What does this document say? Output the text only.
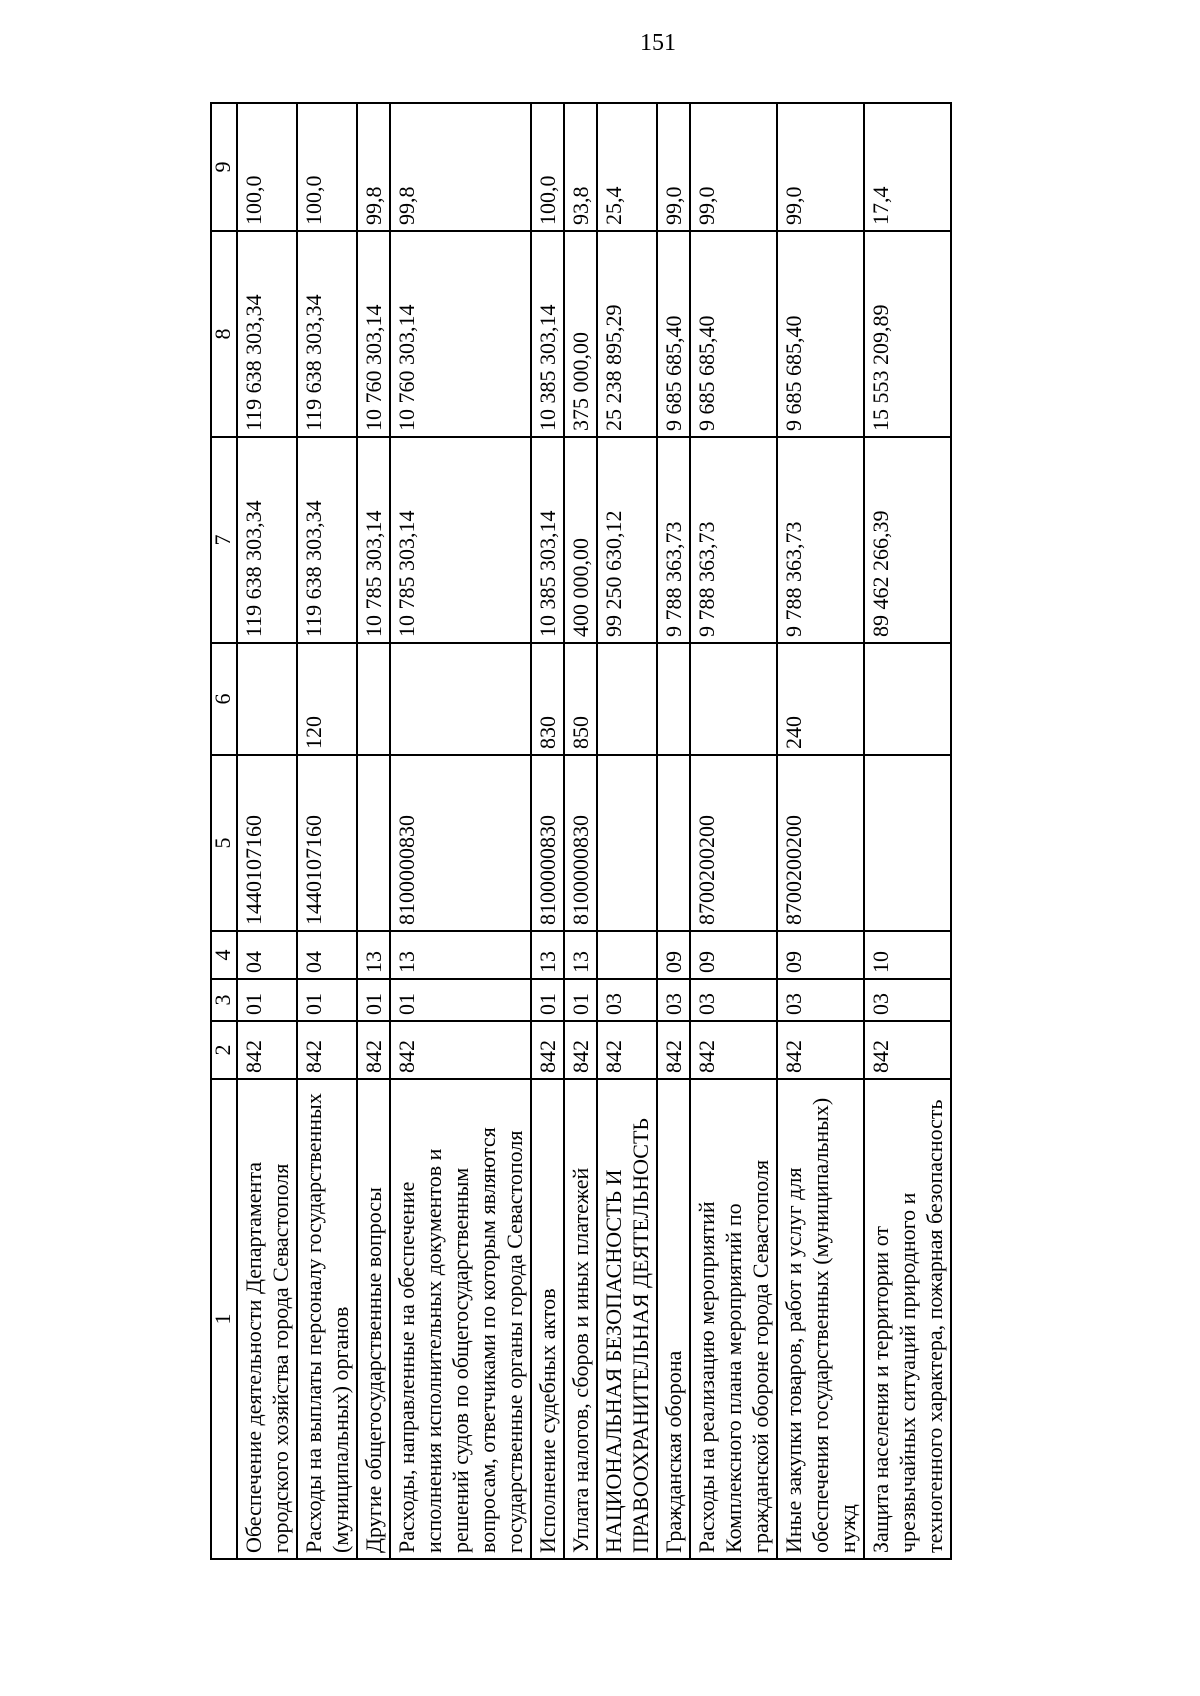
151
1	2	3	4	5	6	7	8	9
Обеспечение деятельности Департамента городского хозяйства города Севастополя	842	01	04	1440107160		119 638 303,34	119 638 303,34	100,0
Расходы на выплаты персоналу государственных (муниципальных) органов	842	01	04	1440107160	120	119 638 303,34	119 638 303,34	100,0
Другие общегосударственные вопросы	842	01	13			10 785 303,14	10 760 303,14	99,8
Расходы, направленные на обеспечение исполнения исполнительных документов и решений судов по общегосударственным вопросам, ответчиками по которым являются государственные органы города Севастополя	842	01	13	8100000830		10 785 303,14	10 760 303,14	99,8
Исполнение судебных актов	842	01	13	8100000830	830	10 385 303,14	10 385 303,14	100,0
Уплата налогов, сборов и иных платежей	842	01	13	8100000830	850	400 000,00	375 000,00	93,8
НАЦИОНАЛЬНАЯ БЕЗОПАСНОСТЬ И ПРАВООХРАНИТЕЛЬНАЯ ДЕЯТЕЛЬНОСТЬ	842	03				99 250 630,12	25 238 895,29	25,4
Гражданская оборона	842	03	09			9 788 363,73	9 685 685,40	99,0
Расходы на реализацию мероприятий Комплексного плана мероприятий по гражданской обороне города Севастополя	842	03	09	8700200200		9 788 363,73	9 685 685,40	99,0
Иные закупки товаров, работ и услуг для обеспечения государственных (муниципальных) нужд	842	03	09	8700200200	240	9 788 363,73	9 685 685,40	99,0
Защита населения и территории от чрезвычайных ситуаций природного и техногенного характера, пожарная безопасность	842	03	10			89 462 266,39	15 553 209,89	17,4
